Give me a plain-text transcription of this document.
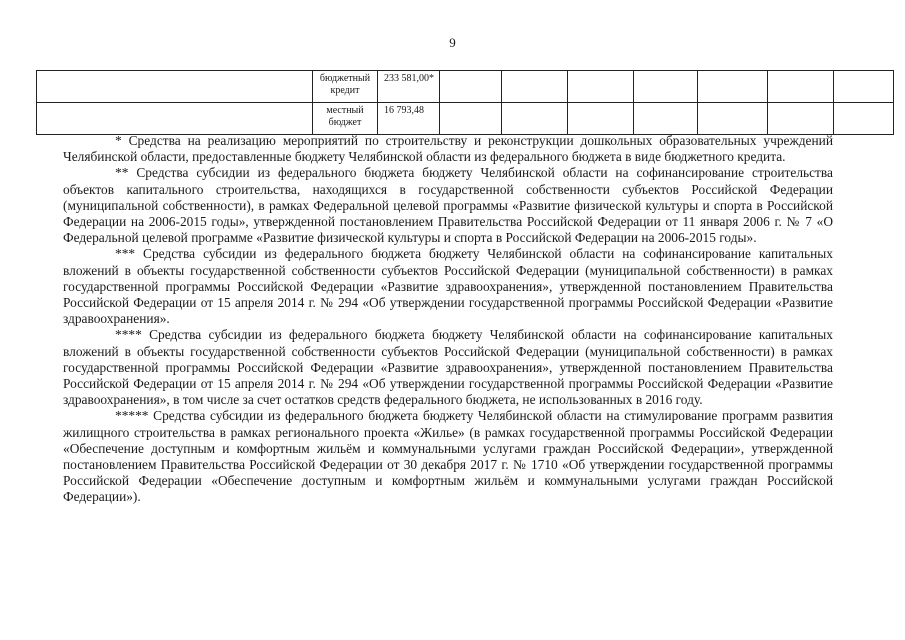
9
	бюджетный кредит	233 581,00*							
	местный бюджет	16 793,48							

* Средства на реализацию мероприятий по строительству и реконструкции дошкольных образовательных учреждений Челябинской области, предоставленные бюджету Челябинской области из федерального бюджета в виде бюджетного кредита.

** Средства субсидии из федерального бюджета бюджету Челябинской области на софинансирование строительства объектов капитального строительства, находящихся в государственной собственности субъектов Российской Федерации (муниципальной собственности), в рамках Федеральной целевой программы «Развитие физической культуры и спорта в Российской Федерации на 2006-2015 годы», утвержденной постановлением Правительства Российской Федерации от 11 января 2006 г. № 7 «О Федеральной целевой программе «Развитие физической культуры и спорта в Российской Федерации на 2006-2015 годы».

*** Средства субсидии из федерального бюджета бюджету Челябинской области на софинансирование капитальных вложений в объекты государственной собственности субъектов Российской Федерации (муниципальной собственности) в рамках государственной программы Российской Федерации «Развитие здравоохранения», утвержденной постановлением Правительства Российской Федерации от 15 апреля 2014 г. № 294 «Об утверждении государственной программы Российской Федерации «Развитие здравоохранения».

**** Средства субсидии из федерального бюджета бюджету Челябинской области на софинансирование капитальных вложений в объекты государственной собственности субъектов Российской Федерации (муниципальной собственности) в рамках государственной программы Российской Федерации «Развитие здравоохранения», утвержденной постановлением Правительства Российской Федерации от 15 апреля 2014 г. № 294 «Об утверждении государственной программы Российской Федерации «Развитие здравоохранения», в том числе за счет остатков средств федерального бюджета, не использованных в 2016 году.

***** Средства субсидии из федерального бюджета бюджету Челябинской области на стимулирование программ развития жилищного строительства в рамках регионального проекта «Жилье» (в рамках государственной программы Российской Федерации «Обеспечение доступным и комфортным жильём и коммунальными услугами граждан Российской Федерации», утвержденной постановлением Правительства Российской Федерации от 30 декабря 2017 г. № 1710 «Об утверждении государственной программы Российской Федерации «Обеспечение доступным и комфортным жильём и коммунальными услугами граждан Российской Федерации»).
